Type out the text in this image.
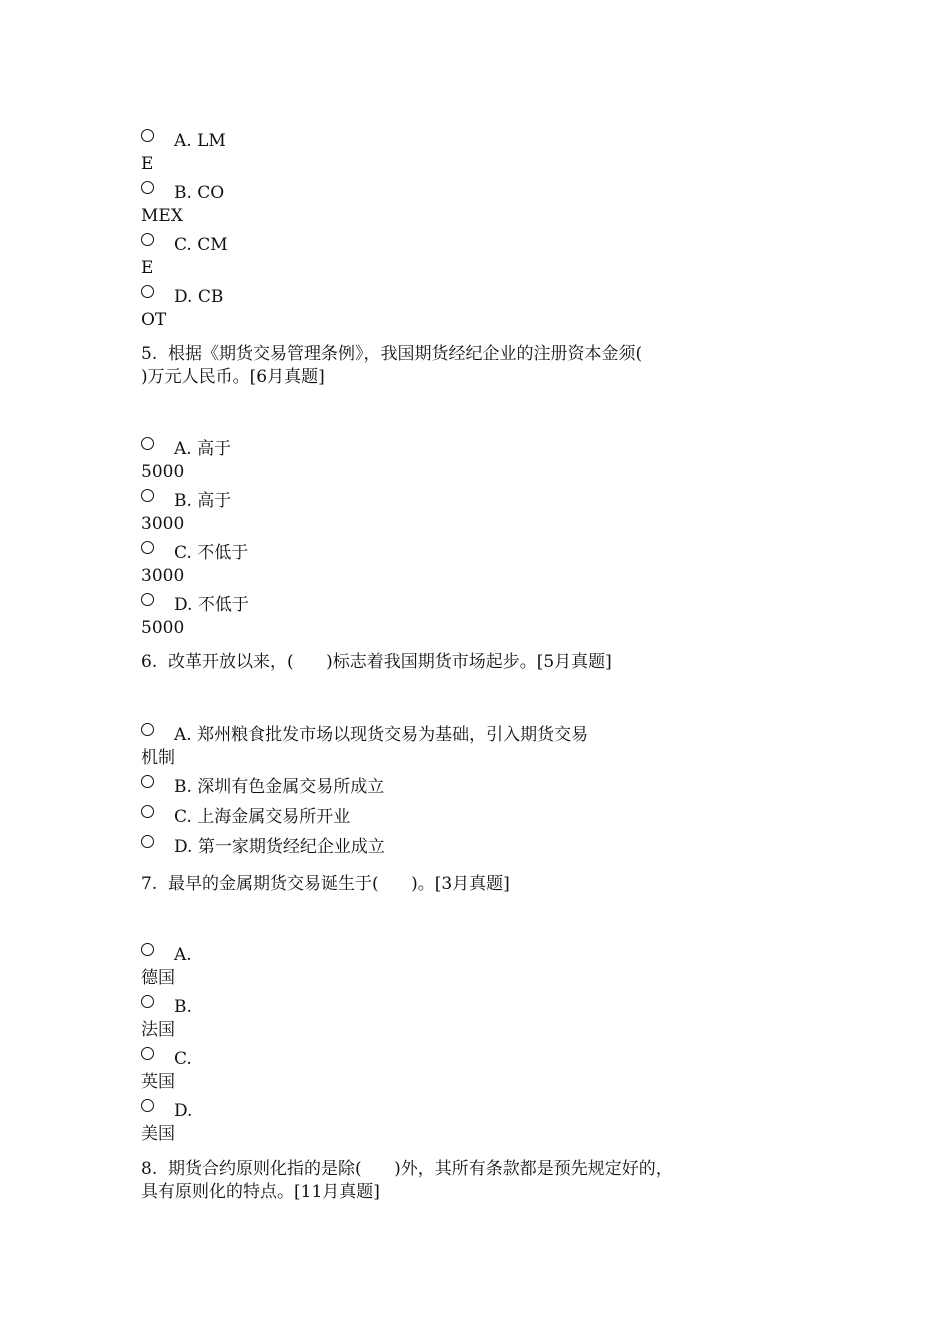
A. LM

E

B. CO

MEX

C. CM

E

D. CB

OT
5.  根据《期货交易管理条例》，我国期货经纪企业的注册资本金须(
)万元人民币。[6月真题]

A. 高于

5000

B. 高于

3000

C. 不低于

3000

D. 不低于

5000
6.  改革开放以来，(      )标志着我国期货市场起步。[5月真题]

A. 郑州粮食批发市场以现货交易为基础，引入期货交易

机制

B. 深圳有色金属交易所成立

C. 上海金属交易所开业

D. 第一家期货经纪企业成立

7.  最早的金属期货交易诞生于(      )。[3月真题]

A.

德国

B.

法国

C.

英国

D.

美国
8.  期货合约原则化指的是除(      )外，其所有条款都是预先规定好的，
具有原则化的特点。[11月真题]
